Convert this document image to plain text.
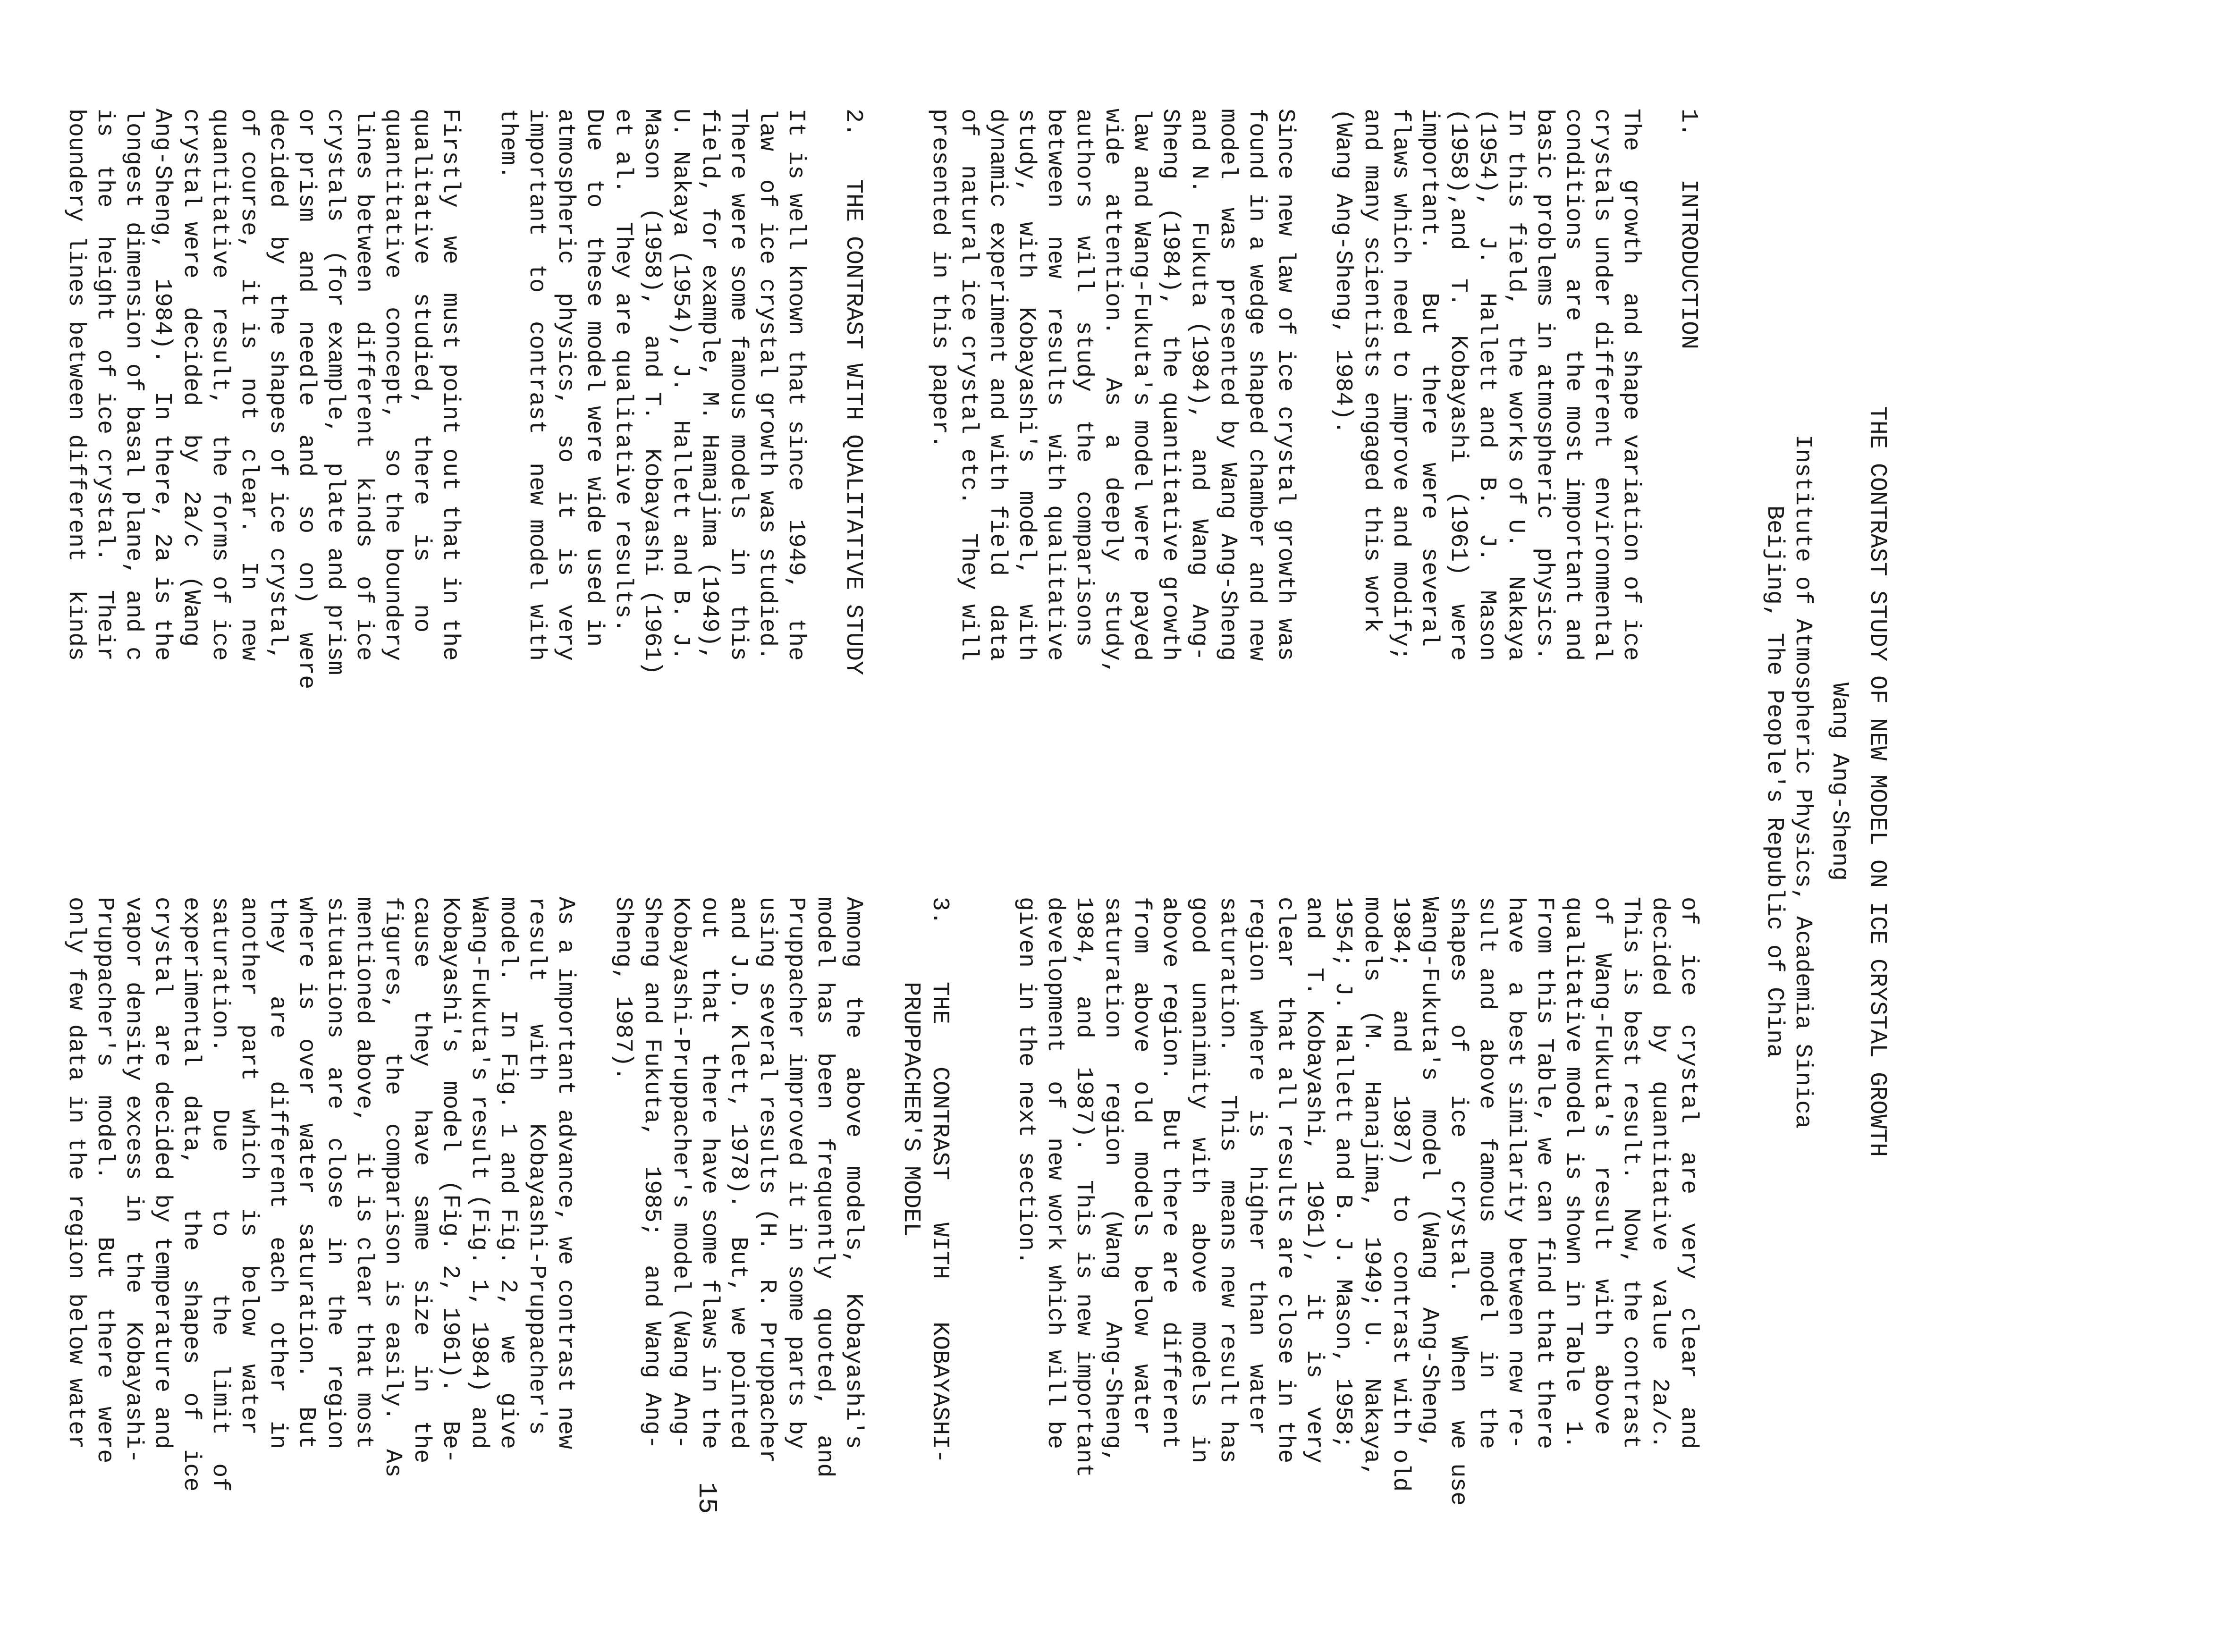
THE CONTRAST STUDY OF NEW MODEL ON ICE CRYSTAL GROWTH
Wang Ang-Sheng
Institute of Atmospheric Physics, Academia Sinica
Beijing, The People's Republic of China
1.   INTRODUCTION
The  growth  and shape variation of ice
crystals under different  environmental
conditions  are  the most important and
basic problems in atmospheric  physics.
In this field,  the works of U.  Nakaya
(1954),  J.  Hallett and  B.  J.  Mason
(1958),and  T.  Kobayashi  (1961)  were
important.   But  there  were  several
flaws which need to improve and modify;
and many scientists engaged this work
(Wang Ang-Sheng, 1984).
Since new law of ice crystal growth was
found in a wedge shaped chamber and new
model  was  presented by Wang Ang-Sheng
and N.  Fukuta (1984),  and  Wang  Ang-
Sheng  (1984),  the quantitative growth
law and Wang-Fukuta's model were  payed
wide  attention.   As  a  deeply  study,
authors  will  study  the  comparisons
between  new  results  with qualitative
study,  with  Kobayashi's  model,  with
dynamic experiment and with field  data
of  natural ice crystal etc.  They will
presented in this paper.
2.   THE CONTRAST WITH QUALITATIVE STUDY
It is well known that since  1949,  the
law  of ice crystal growth was studied.
There were some famous models  in  this
field, for example, M. Hamajima (1949),
U. Nakaya (1954), J.  Hallett and B. J.
Mason  (1958),  and T.  Kobayashi (1961)
et al.  They are qualitative results.
Due  to  these model were wide used in
atmospheric  physics,  so  it  is  very
important  to  contrast  new model with
them.
Firstly  we  must point out that in the
qualitative  studied,  there  is   no
quantitative  concept,  so the boundery
lines between  different  kinds  of ice
crystals  (for example,  plate and prism
or prism  and  needle  and  so  on)  were
decided  by  the shapes of ice crystal,
of course,  it is  not  clear.  In  new
quantitative  result,  the forms of ice
crystal were  decided  by  2a/c  (Wang
Ang-Sheng,  1984).  In there, 2a is the
longest dimension of basal plane, and c
is  the  height  of ice crystal.  Their
boundery lines between different  kinds
of  ice  crystal  are  very  clear  and
decided  by  quantitative  value  2a/c.
This is best result.  Now, the contrast
of  Wang-Fukuta's  result  with  above
qualitative model is shown in Table  1.
From this Table, we can find that there
have  a best similarity between new re-
sult and  above  famous  model  in  the
shapes   of   ice   crystal.   When  we use
Wang-Fukuta's  model  (Wang  Ang-Sheng,
1984;   and   1987)  to  contrast with old
models  (M.  Hanajima,  1949; U.  Nakaya,
1954; J. Hallett and B. J. Mason, 1958;
and  T. Kobayashi,  1961),  it  is  very
clear  that all results are close in the
region  where  is  higher  than  water
saturation.   This  means new result has
good  unanimity  with  above  models  in
above region.  But there are  different
from  above  old  models  below  water
saturation   region   (Wang   Ang-Sheng,
1984,  and  1987).  This is new important
development  of  new work which will be
given in the next section.
3.    THE   CONTRAST   WITH   KOBAYASHI-
PRUPPACHER'S MODEL
Among  the  above  models,  Kobayashi's
model has  been  frequently  quoted,  and
Pruppacher improved it in some parts by
using several results (H.  R. Pruppacher
and J.D. Klett, 1978).  But, we pointed
out  that  there have some flaws in the
Kobayashi-Pruppacher's model (Wang Ang-
Sheng and Fukuta,  1985;  and Wang Ang-
Sheng, 1987).
As a important advance, we contrast new
result   with   Kobayashi-Pruppacher's
model.  In Fig. 1 and Fig. 2,  we  give
Wang-Fukuta's result (Fig. 1, 1984) and
Kobayashi's  model  (Fig. 2, 1961).  Be-
cause   they   have  same  size  in  the
figures,   the  comparison is easily.  As
mentioned above,  it is clear that most
situations  are  close  in  the  region
where is  over  water  saturation.  But
they   are   different  each  other  in
another  part  which  is  below  water
saturation.    Due    to    the  limit  of
experimental  data,   the  shapes  of  ice
crystal  are decided by temperature and
vapor density excess in  the  Kobayashi-
Pruppacher's  model.    But  there  were
only few data in the region below water
15
